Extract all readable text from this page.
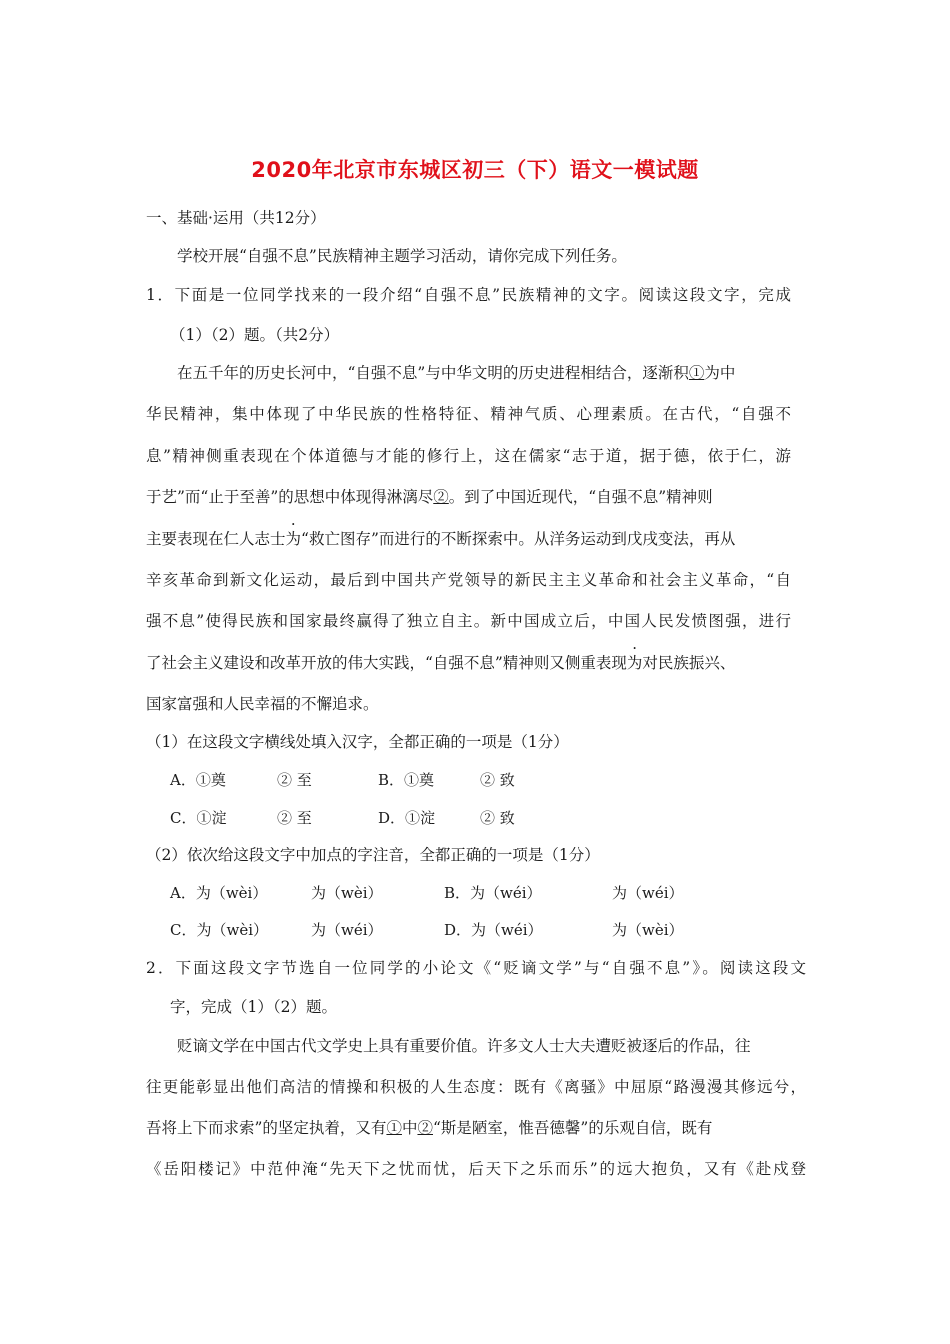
2020年北京市东城区初三（下）语文一模试题
一、基础·运用（共12分）
学校开展“自强不息”民族精神主题学习活动，请你完成下列任务。
1．下面是一位同学找来的一段介绍“自强不息”民族精神的文字。阅读这段文字，完成
（1）（2）题。（共2分）
在五千年的历史长河中，“自强不息”与中华文明的历史进程相结合，逐渐积①为中
华民精神，集中体现了中华民族的性格特征、精神气质、心理素质。在古代，“自强不
息”精神侧重表现在个体道德与才能的修行上，这在儒家“志于道，据于德，依于仁，游
于艺”而“止于至善”的思想中体现得淋漓尽②。到了中国近现代，“自强不息”精神则
主要表现在仁人志士为“救亡图存”而进行的不断探索中。从洋务运动到戊戌变法，再从
辛亥革命到新文化运动，最后到中国共产党领导的新民主主义革命和社会主义革命，“自
强不息”使得民族和国家最终赢得了独立自主。新中国成立后，中国人民发愤图强，进行
了社会主义建设和改革开放的伟大实践，“自强不息”精神则又侧重表现为对民族振兴、
国家富强和人民幸福的不懈追求。
（1）在这段文字横线处填入汉字，全都正确的一项是（1分）
A．①奠	② 至	B．①奠	② 致
C．①淀	② 至	D．①淀	② 致
（2）依次给这段文字中加点的字注音，全都正确的一项是（1分）
A．为（wèi）	为（wèi）	B．为（wéi）	为（wéi）
C．为（wèi）	为（wéi）	D．为（wéi）	为（wèi）
2．下面这段文字节选自一位同学的小论文《“贬谪文学”与“自强不息”》。阅读这段文
字，完成（1）（2）题。
贬谪文学在中国古代文学史上具有重要价值。许多文人士大夫遭贬被逐后的作品，往
往更能彰显出他们高洁的情操和积极的人生态度：既有《离骚》中屈原“路漫漫其修远兮，
吾将上下而求索”的坚定执着，又有①中②“斯是陋室，惟吾德馨”的乐观自信，既有
《岳阳楼记》中范仲淹“先天下之忧而忧，后天下之乐而乐”的远大抱负，又有《赴戍登
